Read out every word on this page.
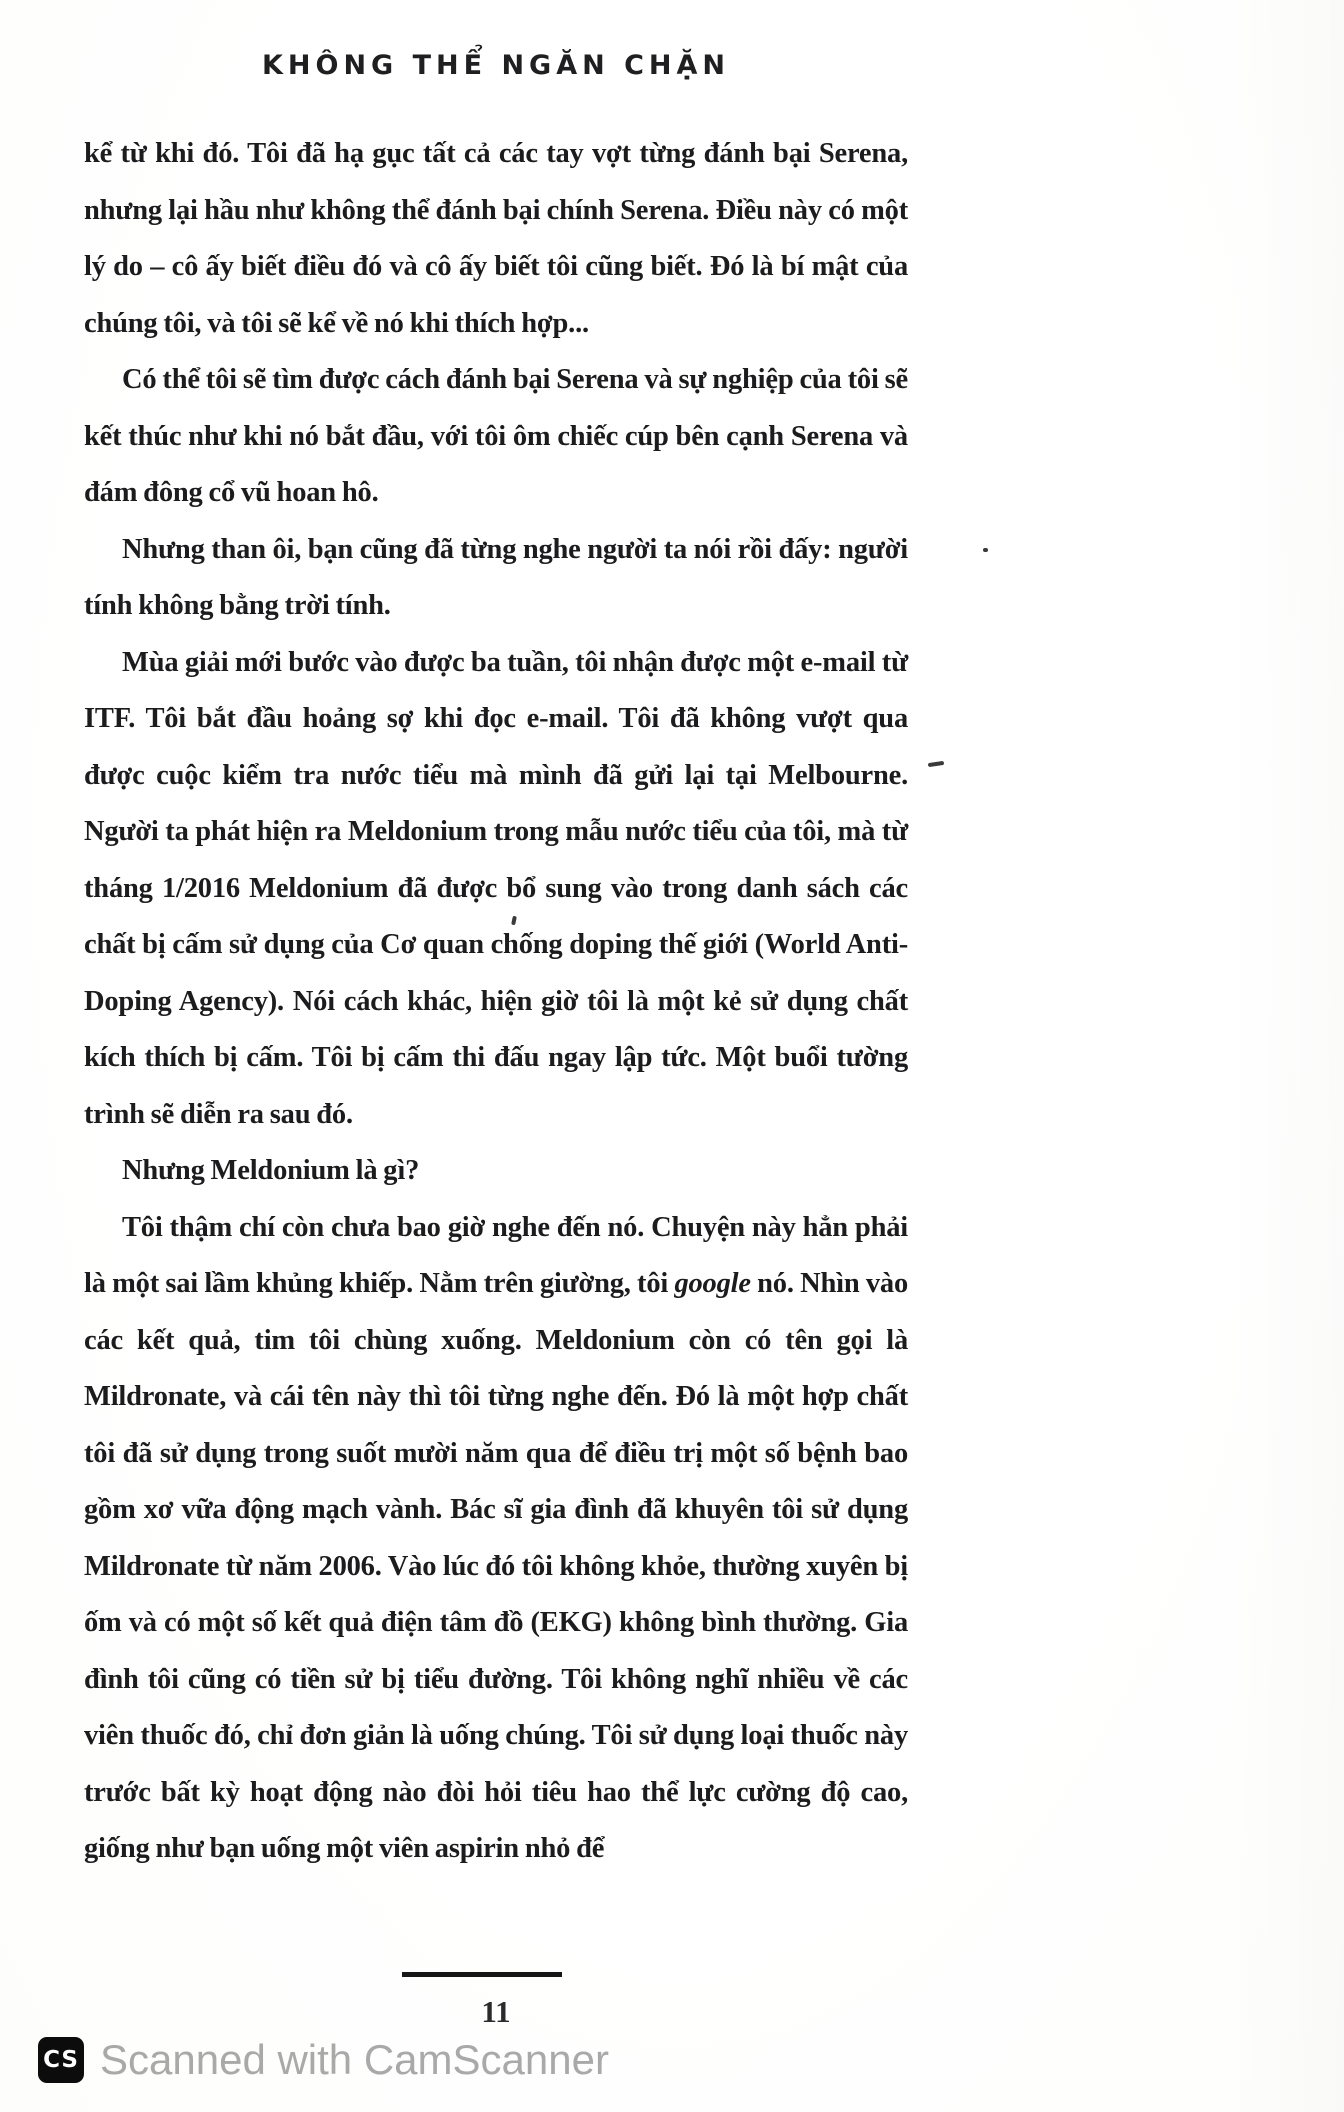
KHÔNG THỂ NGĂN CHẶN

kể từ khi đó. Tôi đã hạ gục tất cả các tay vợt từng đánh bại Serena, nhưng lại hầu như không thể đánh bại chính Serena. Điều này có một lý do – cô ấy biết điều đó và cô ấy biết tôi cũng biết. Đó là bí mật của chúng tôi, và tôi sẽ kể về nó khi thích hợp...

Có thể tôi sẽ tìm được cách đánh bại Serena và sự nghiệp của tôi sẽ kết thúc như khi nó bắt đầu, với tôi ôm chiếc cúp bên cạnh Serena và đám đông cổ vũ hoan hô.

Nhưng than ôi, bạn cũng đã từng nghe người ta nói rồi đấy: người tính không bằng trời tính.

Mùa giải mới bước vào được ba tuần, tôi nhận được một e-mail từ ITF. Tôi bắt đầu hoảng sợ khi đọc e-mail. Tôi đã không vượt qua được cuộc kiểm tra nước tiểu mà mình đã gửi lại tại Melbourne. Người ta phát hiện ra Meldonium trong mẫu nước tiểu của tôi, mà từ tháng 1/2016 Meldonium đã được bổ sung vào trong danh sách các chất bị cấm sử dụng của Cơ quan chống doping thế giới (World Anti-Doping Agency). Nói cách khác, hiện giờ tôi là một kẻ sử dụng chất kích thích bị cấm. Tôi bị cấm thi đấu ngay lập tức. Một buổi tường trình sẽ diễn ra sau đó.

Nhưng Meldonium là gì?

Tôi thậm chí còn chưa bao giờ nghe đến nó. Chuyện này hẳn phải là một sai lầm khủng khiếp. Nằm trên giường, tôi google nó. Nhìn vào các kết quả, tim tôi chùng xuống. Meldonium còn có tên gọi là Mildronate, và cái tên này thì tôi từng nghe đến. Đó là một hợp chất tôi đã sử dụng trong suốt mười năm qua để điều trị một số bệnh bao gồm xơ vữa động mạch vành. Bác sĩ gia đình đã khuyên tôi sử dụng Mildronate từ năm 2006. Vào lúc đó tôi không khỏe, thường xuyên bị ốm và có một số kết quả điện tâm đồ (EKG) không bình thường. Gia đình tôi cũng có tiền sử bị tiểu đường. Tôi không nghĩ nhiều về các viên thuốc đó, chỉ đơn giản là uống chúng. Tôi sử dụng loại thuốc này trước bất kỳ hoạt động nào đòi hỏi tiêu hao thể lực cường độ cao, giống như bạn uống một viên aspirin nhỏ để

11
CS Scanned with CamScanner
